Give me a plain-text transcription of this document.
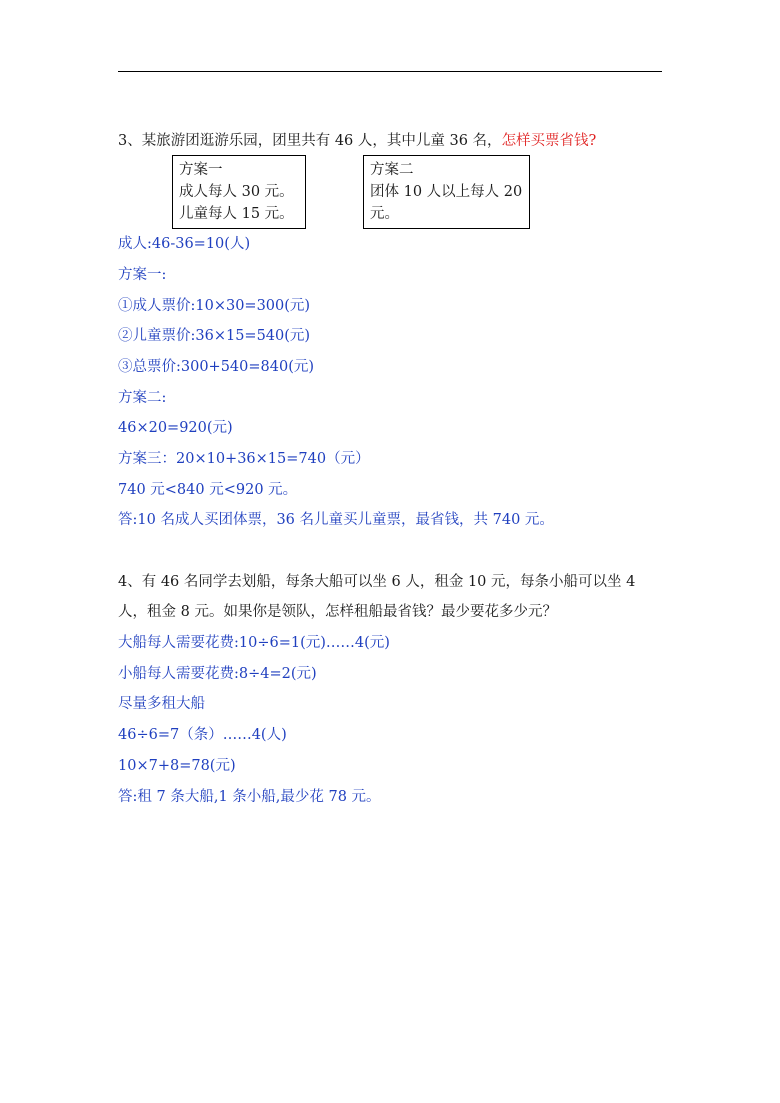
3、某旅游团逛游乐园，团里共有 46 人，其中儿童 36 名，怎样买票省钱?
方案一
成人每人 30 元。
儿童每人 15 元。
方案二
团体 10 人以上每人 20
元。
成人:46-36=10(人)
方案一:
①成人票价:10×30=300(元)
②儿童票价:36×15=540(元)
③总票价:300+540=840(元)
方案二:
46×20=920(元)
方案三：20×10+36×15=740（元）
740 元<840 元<920 元。
答:10 名成人买团体票，36 名儿童买儿童票，最省钱，共 740 元。
4、有 46 名同学去划船，每条大船可以坐 6 人，租金 10 元，每条小船可以坐 4
人，租金 8 元。如果你是领队，怎样租船最省钱？最少要花多少元？
大船每人需要花费:10÷6=1(元)……4(元)
小船每人需要花费:8÷4=2(元)
尽量多租大船
46÷6=7（条）……4(人)
10×7+8=78(元)
答:租 7 条大船,1 条小船,最少花 78 元。
